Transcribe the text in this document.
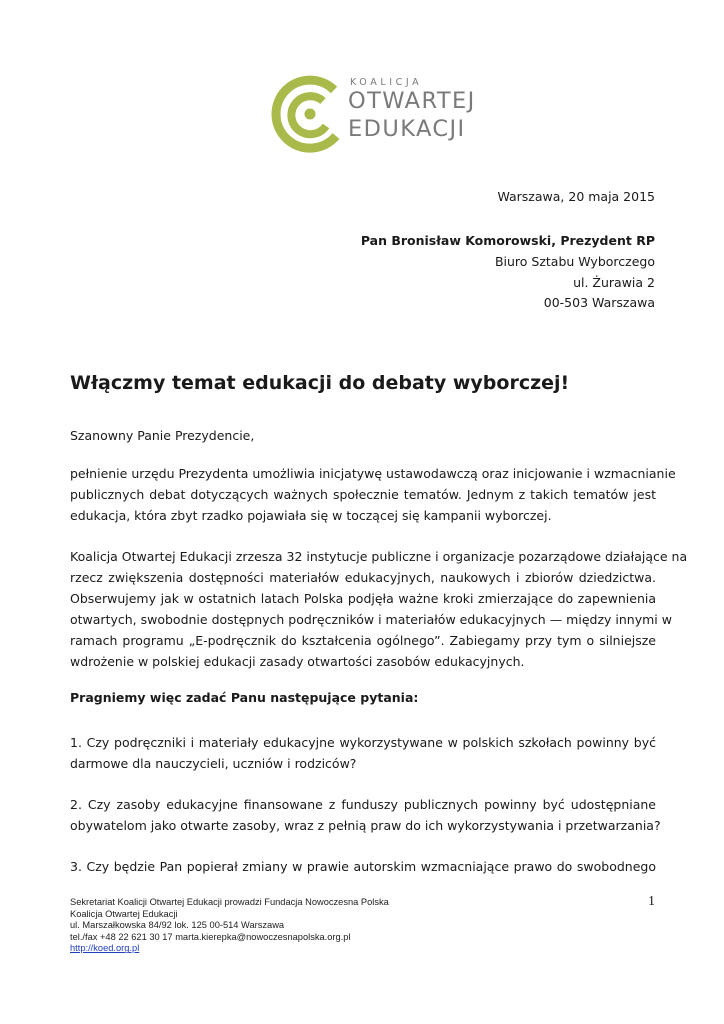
KOALICJA
OTWARTEJ
EDUKACJI
Warszawa, 20 maja 2015
Pan Bronisław Komorowski, Prezydent RP
Biuro Sztabu Wyborczego
ul. Żurawia 2
00-503 Warszawa
Włączmy temat edukacji do debaty wyborczej!
Szanowny Panie Prezydencie,
pełnienie urzędu Prezydenta umożliwia inicjatywę ustawodawczą oraz inicjowanie i wzmacnianie
publicznych debat dotyczących ważnych społecznie tematów. Jednym z takich tematów jest
edukacja, która zbyt rzadko pojawiała się w toczącej się kampanii wyborczej.
Koalicja Otwartej Edukacji zrzesza 32 instytucje publiczne i organizacje pozarządowe działające na
rzecz zwiększenia dostępności materiałów edukacyjnych, naukowych i zbiorów dziedzictwa.
Obserwujemy jak w ostatnich latach Polska podjęła ważne kroki zmierzające do zapewnienia
otwartych, swobodnie dostępnych podręczników i materiałów edukacyjnych — między innymi w
ramach programu „E-podręcznik do kształcenia ogólnego”. Zabiegamy przy tym o silniejsze
wdrożenie w polskiej edukacji zasady otwartości zasobów edukacyjnych.
Pragniemy więc zadać Panu następujące pytania:
1. Czy podręczniki i materiały edukacyjne wykorzystywane w polskich szkołach powinny być
darmowe dla nauczycieli, uczniów i rodziców?
2. Czy zasoby edukacyjne finansowane z funduszy publicznych powinny być udostępniane
obywatelom jako otwarte zasoby, wraz z pełnią praw do ich wykorzystywania i przetwarzania?
3. Czy będzie Pan popierał zmiany w prawie autorskim wzmacniające prawo do swobodnego
Sekretariat Koalicji Otwartej Edukacji prowadzi Fundacja Nowoczesna Polska
Koalicja Otwartej Edukacji
ul. Marszałkowska 84/92 lok. 125 00-514 Warszawa
tel./fax +48 22 621 30 17 marta.kierepka@nowoczesnapolska.org.pl
http://koed.org.pl
1
